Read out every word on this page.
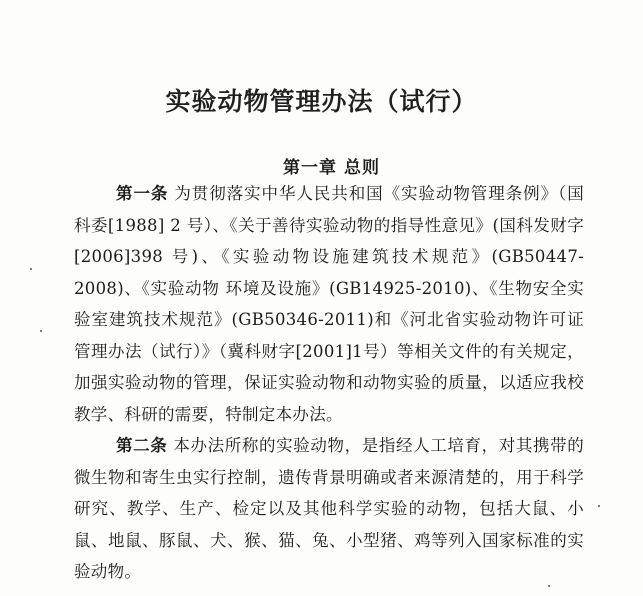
实验动物管理办法（试行）
第一章 总则

第一条 为贯彻落实中华人民共和国《实验动物管理条例》（国科委[1988] 2 号）、《关于善待实验动物的指导性意见》(国科发财字[2006]398 号)、《实验动物设施建筑技术规范》(GB50447-2008)、《实验动物 环境及设施》(GB14925-2010)、《生物安全实验室建筑技术规范》(GB50346-2011)和《河北省实验动物许可证管理办法（试行）》（冀科财字[2001]1号）等相关文件的有关规定，加强实验动物的管理，保证实验动物和动物实验的质量，以适应我校教学、科研的需要，特制定本办法。

第二条 本办法所称的实验动物，是指经人工培育，对其携带的微生物和寄生虫实行控制，遗传背景明确或者来源清楚的，用于科学研究、教学、生产、检定以及其他科学实验的动物，包括大鼠、小鼠、地鼠、豚鼠、犬、猴、猫、兔、小型猪、鸡等列入国家标准的实验动物。
